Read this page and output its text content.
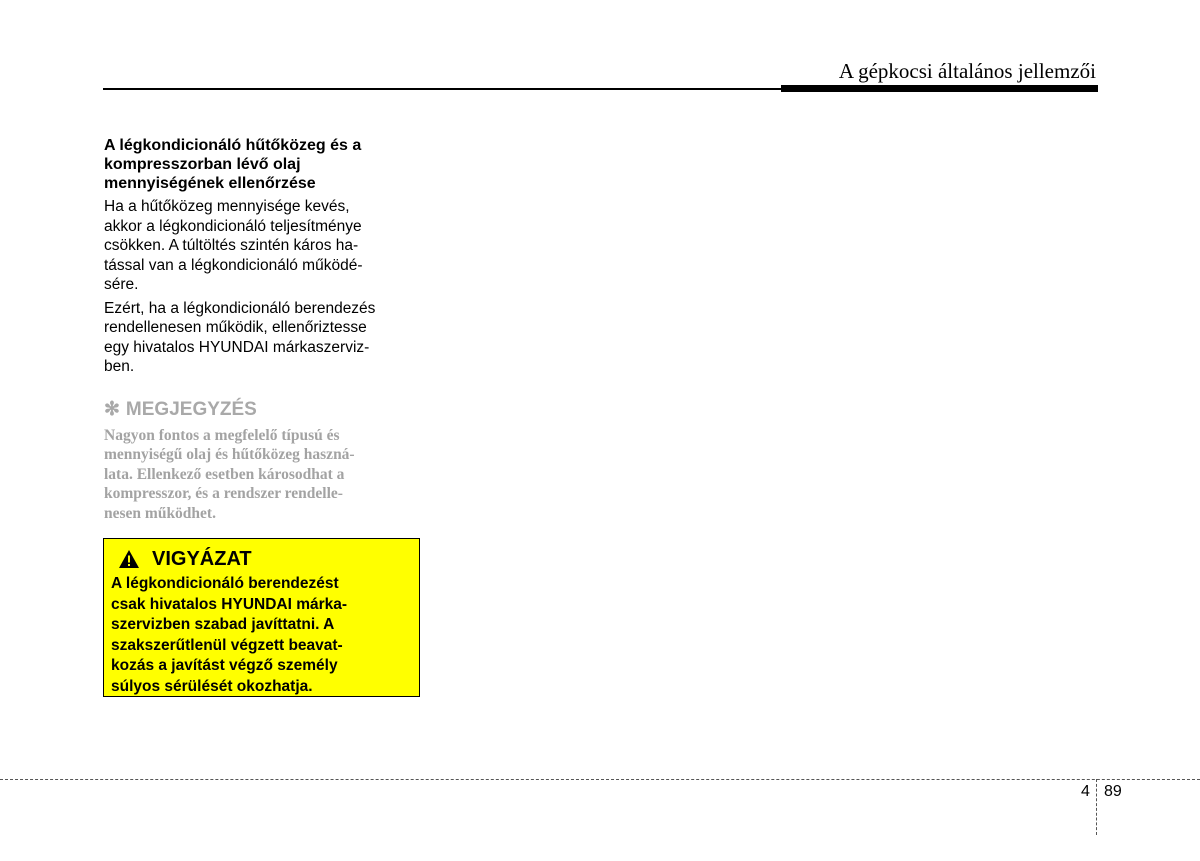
A gépkocsi általános jellemzői
A légkondicionáló hűtőközeg és a
kompresszorban lévő olaj
mennyiségének ellenőrzése

Ha a hűtőközeg mennyisége kevés,
akkor a légkondicionáló teljesítménye
csökken. A túltöltés szintén káros ha-
tással van a légkondicionáló működé-
sére.

Ezért, ha a légkondicionáló berendezés
rendellenesen működik, ellenőriztesse
egy hivatalos HYUNDAI márkaszerviz-
ben.

✻ MEGJEGYZÉS

Nagyon fontos a megfelelő típusú és
mennyiségű olaj és hűtőközeg haszná-
lata. Ellenkező esetben károsodhat a
kompresszor, és a rendszer rendelle-
nesen működhet.

VIGYÁZAT

A légkondicionáló berendezést
csak hivatalos HYUNDAI márka-
szervizben szabad javíttatni. A
szakszerűtlenül végzett beavat-
kozás a javítást végző személy
súlyos sérülését okozhatja.

4 89
